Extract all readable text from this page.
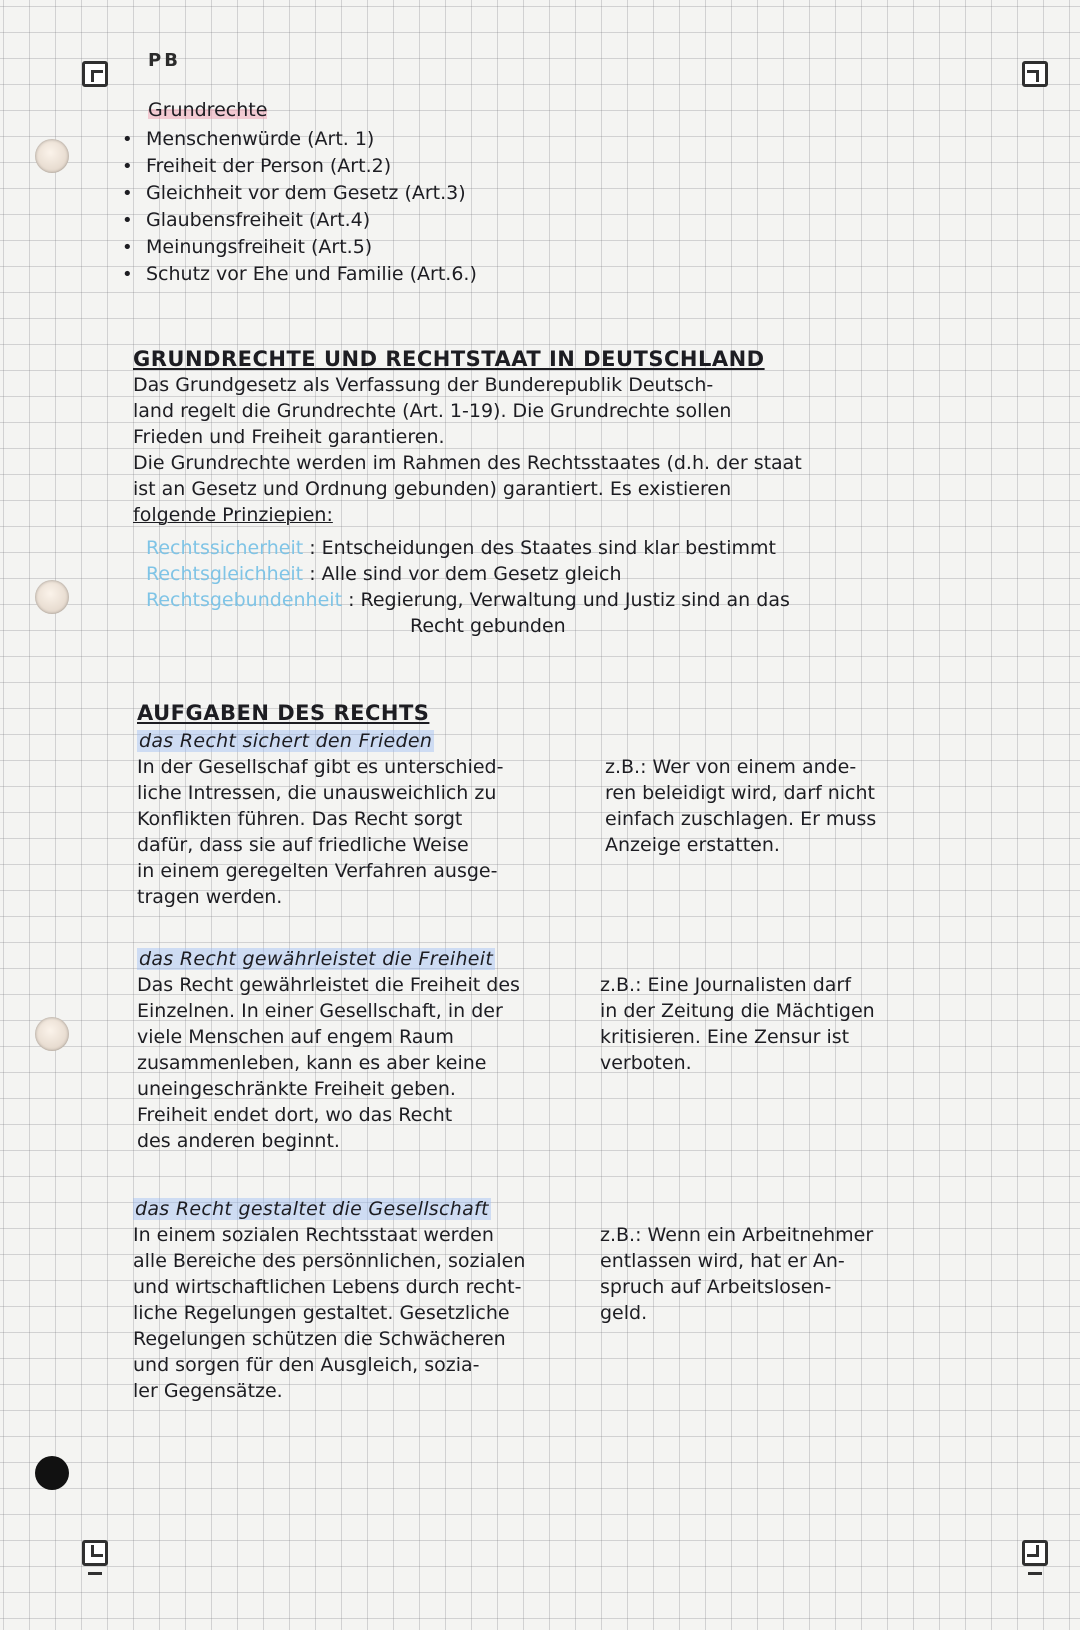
PB
Grundrechte
• Menschenwürde (Art. 1)
• Freiheit der Person (Art.2)
• Gleichheit vor dem Gesetz (Art.3)
• Glaubensfreiheit (Art.4)
• Meinungsfreiheit (Art.5)
• Schutz vor Ehe und Familie (Art.6.)
GRUNDRECHTE UND RECHTSTAAT IN DEUTSCHLAND
Das Grundgesetz als Verfassung der Bunderepublik Deutsch-
land regelt die Grundrechte (Art. 1-19). Die Grundrechte sollen
Frieden und Freiheit garantieren.
Die Grundrechte werden im Rahmen des Rechtsstaates (d.h. der staat
ist an Gesetz und Ordnung gebunden) garantiert. Es existieren
folgende Prinziepien:
Rechtssicherheit : Entscheidungen des Staates sind klar bestimmt
Rechtsgleichheit : Alle sind vor dem Gesetz gleich
Rechtsgebundenheit : Regierung, Verwaltung und Justiz sind an das
Recht gebunden
AUFGABEN DES RECHTS
das Recht sichert den Frieden
In der Gesellschaf gibt es unterschied-
liche Intressen, die unausweichlich zu
Konflikten führen. Das Recht sorgt
dafür, dass sie auf friedliche Weise
in einem geregelten Verfahren ausge-
tragen werden.
z.B.: Wer von einem ande-
ren beleidigt wird, darf nicht
einfach zuschlagen. Er muss
Anzeige erstatten.
das Recht gewährleistet die Freiheit
Das Recht gewährleistet die Freiheit des
Einzelnen. In einer Gesellschaft, in der
viele Menschen auf engem Raum
zusammenleben, kann es aber keine
uneingeschränkte Freiheit geben.
Freiheit endet dort, wo das Recht
des anderen beginnt.
z.B.: Eine Journalisten darf
in der Zeitung die Mächtigen
kritisieren. Eine Zensur ist
verboten.
das Recht gestaltet die Gesellschaft
In einem sozialen Rechtsstaat werden
alle Bereiche des persönnlichen, sozialen
und wirtschaftlichen Lebens durch recht-
liche Regelungen gestaltet. Gesetzliche
Regelungen schützen die Schwächeren
und sorgen für den Ausgleich, sozia-
ler Gegensätze.
z.B.: Wenn ein Arbeitnehmer
entlassen wird, hat er An-
spruch auf Arbeitslosen-
geld.
